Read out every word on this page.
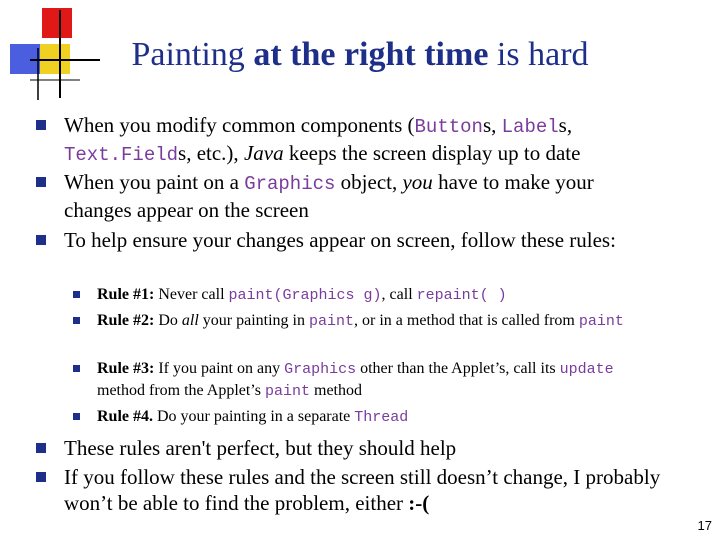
Painting at the right time is hard
When you modify common components (Buttons, Labels, Text.Fields, etc.), Java keeps the screen display up to date
When you paint on a Graphics object, you have to make your changes appear on the screen
To help ensure your changes appear on screen, follow these rules:
Rule #1: Never call paint(Graphics g), call repaint( )
Rule #2: Do all your painting in paint, or in a method that is called from paint
Rule #3: If you paint on any Graphics other than the Applet’s, call its update method from the Applet’s paint method
Rule #4. Do your painting in a separate Thread
These rules aren't perfect, but they should help
If you follow these rules and the screen still doesn’t change, I probably won’t be able to find the problem, either :-(
17
